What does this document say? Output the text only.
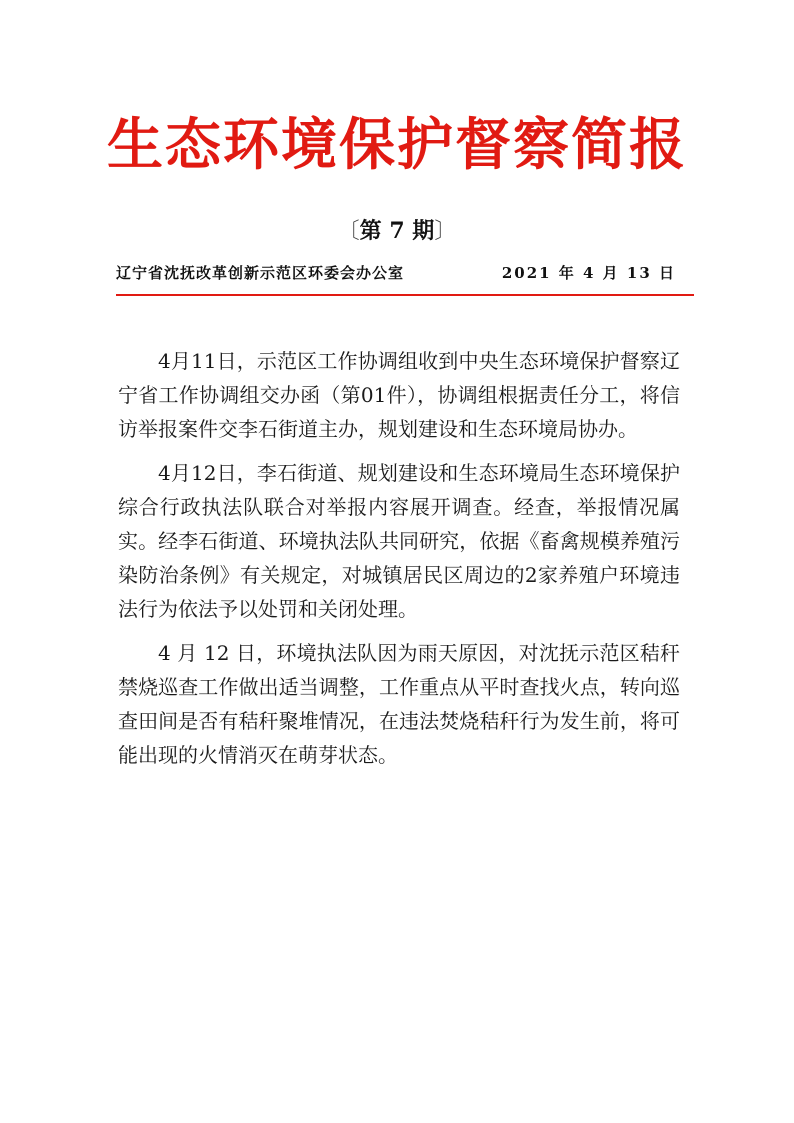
生态环境保护督察简报
〔第 7 期〕
辽宁省沈抚改革创新示范区环委会办公室	2021 年 4 月 13 日

4月11日，示范区工作协调组收到中央生态环境保护督察辽宁省工作协调组交办函（第01件），协调组根据责任分工，将信访举报案件交李石街道主办，规划建设和生态环境局协办。

4月12日，李石街道、规划建设和生态环境局生态环境保护综合行政执法队联合对举报内容展开调查。经查，举报情况属实。经李石街道、环境执法队共同研究，依据《畜禽规模养殖污染防治条例》有关规定，对城镇居民区周边的2家养殖户环境违法行为依法予以处罚和关闭处理。

4 月 12 日，环境执法队因为雨天原因，对沈抚示范区秸秆禁烧巡查工作做出适当调整，工作重点从平时查找火点，转向巡查田间是否有秸秆聚堆情况，在违法焚烧秸秆行为发生前，将可能出现的火情消灭在萌芽状态。
